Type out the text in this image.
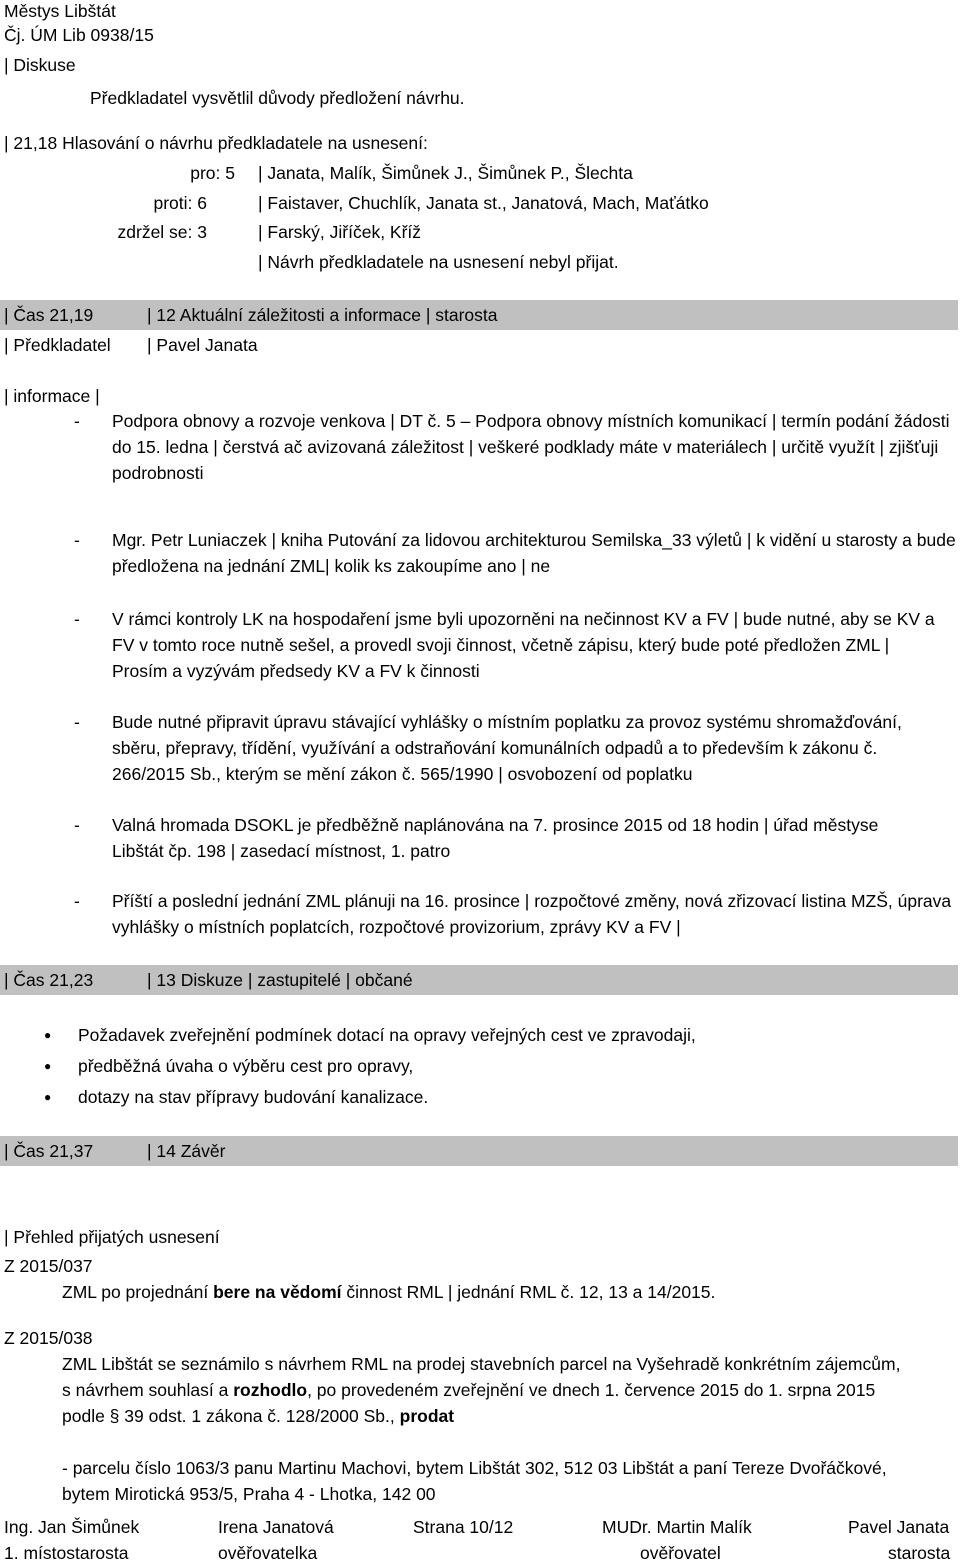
Městys Libštát
Čj. ÚM Lib 0938/15
| Diskuse
Předkladatel vysvětlil důvody předložení návrhu.
| 21,18 Hlasování o návrhu předkladatele na usnesení:
pro: 5 | Janata, Malík, Šimůnek J., Šimůnek P., Šlechta
proti: 6	| Faistaver, Chuchlík, Janata st., Janatová, Mach, Maťátko
zdržel se: 3	| Farský, Jiříček, Kříž
| Návrh předkladatele na usnesení nebyl přijat.
| Čas 21,19	| 12 Aktuální záležitosti a informace | starosta
| Předkladatel | Pavel Janata
| informace |
- Podpora obnovy a rozvoje venkova | DT č. 5 – Podpora obnovy místních komunikací | termín podání žádosti do 15. ledna | čerstvá ač avizovaná záležitost | veškeré podklady máte v materiálech | určitě využít | zjišťuji podrobnosti
- Mgr. Petr Luniaczek | kniha Putování za lidovou architekturou Semilska_33 výletů | k vidění u starosty a bude předložena na jednání ZML| kolik ks zakoupíme ano | ne
- V rámci kontroly LK na hospodaření jsme byli upozorněni na nečinnost KV a FV | bude nutné, aby se KV a FV v tomto roce nutně sešel, a provedl svoji činnost, včetně zápisu, který bude poté předložen ZML | Prosím a vyzývám předsedy KV a FV k činnosti
- Bude nutné připravit úpravu stávající vyhlášky o místním poplatku za provoz systému shromažďování, sběru, přepravy, třídění, využívání a odstraňování komunálních odpadů a to především k zákonu č. 266/2015 Sb., kterým se mění zákon č. 565/1990 | osvobození od poplatku
- Valná hromada DSOKL je předběžně naplánována na 7. prosince 2015 od 18 hodin | úřad městyse Libštát čp. 198 | zasedací místnost, 1. patro
- Příští a poslední jednání ZML plánuji na 16. prosince | rozpočtové změny, nová zřizovací listina MZŠ, úprava vyhlášky o místních poplatcích, rozpočtové provizorium, zprávy KV a FV |
| Čas 21,23	| 13 Diskuze | zastupitelé | občané
● Požadavek zveřejnění podmínek dotací na opravy veřejných cest ve zpravodaji,
● předběžná úvaha o výběru cest pro opravy,
● dotazy na stav přípravy budování kanalizace.
| Čas 21,37	| 14 Závěr
| Přehled přijatých usnesení
Z 2015/037
ZML po projednání bere na vědomí činnost RML | jednání RML č. 12, 13 a 14/2015.
Z 2015/038
ZML Libštát se seznámilo s návrhem RML na prodej stavebních parcel na Vyšehradě konkrétním zájemcům,
s návrhem souhlasí a rozhodlo, po provedeném zveřejnění ve dnech 1. července 2015 do 1. srpna 2015
podle § 39 odst. 1 zákona č. 128/2000 Sb., prodat
- parcelu číslo 1063/3 panu Martinu Machovi, bytem Libštát 302, 512 03 Libštát a paní Tereze Dvořáčkové,
bytem Mirotická 953/5, Praha 4 - Lhotka, 142 00
Ing. Jan Šimůnek
1. místostarosta
Irena Janatová
ověřovatelka
Strana 10/12	MUDr. Martin Malík
ověřovatel
Pavel Janata
starosta
